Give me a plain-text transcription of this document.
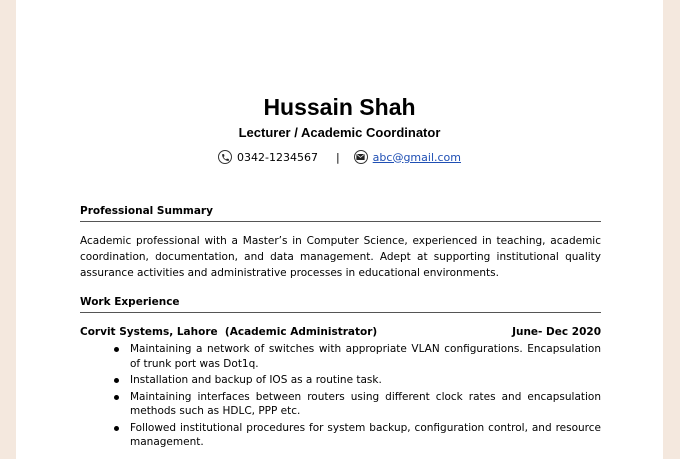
Hussain Shah
Lecturer / Academic Coordinator
0342-1234567 |	abc@gmail.com
Professional Summary

Academic professional with a Master’s in Computer Science, experienced in teaching, academic coordination, documentation, and data management. Adept at supporting institutional quality assurance activities and administrative processes in educational environments.

Work Experience
Corvit Systems, Lahore  (Academic Administrator)	June- Dec 2020
Maintaining a network of switches with appropriate VLAN configurations. Encapsulation of trunk port was Dot1q.
Installation and backup of IOS as a routine task.
Maintaining interfaces between routers using different clock rates and encapsulation methods such as HDLC, PPP etc.
Followed institutional procedures for system backup, configuration control, and resource management.
